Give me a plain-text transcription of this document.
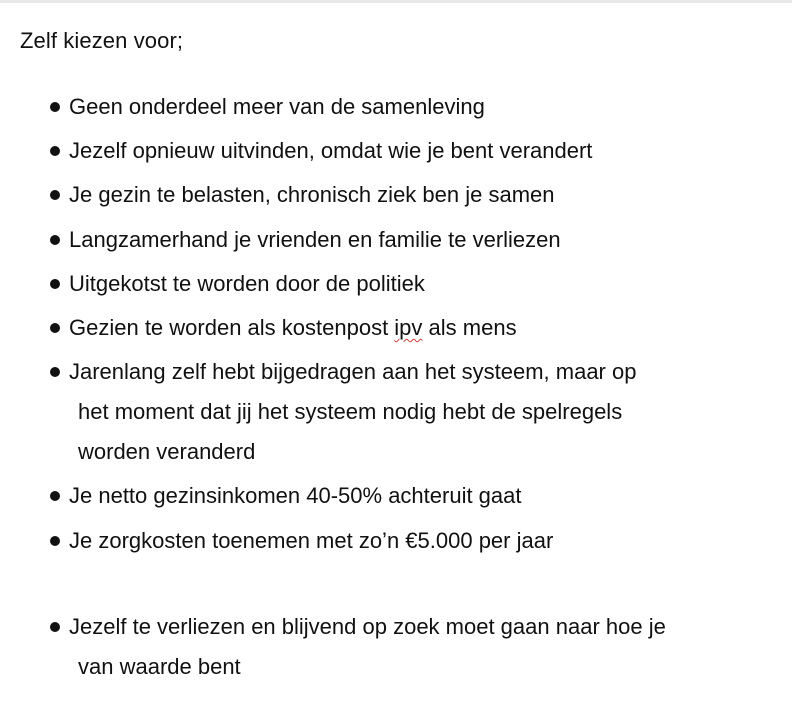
Zelf kiezen voor;

Geen onderdeel meer van de samenleving
Jezelf opnieuw uitvinden, omdat wie je bent verandert
Je gezin te belasten, chronisch ziek ben je samen
Langzamerhand je vrienden en familie te verliezen
Uitgekotst te worden door de politiek
Gezien te worden als kostenpost ipv als mens
Jarenlang zelf hebt bijgedragen aan het systeem, maar op
het moment dat jij het systeem nodig hebt de spelregels
worden veranderd
Je netto gezinsinkomen 40-50% achteruit gaat
Je zorgkosten toenemen met zo’n €5.000 per jaar
Jezelf te verliezen en blijvend op zoek moet gaan naar hoe je
van waarde bent
